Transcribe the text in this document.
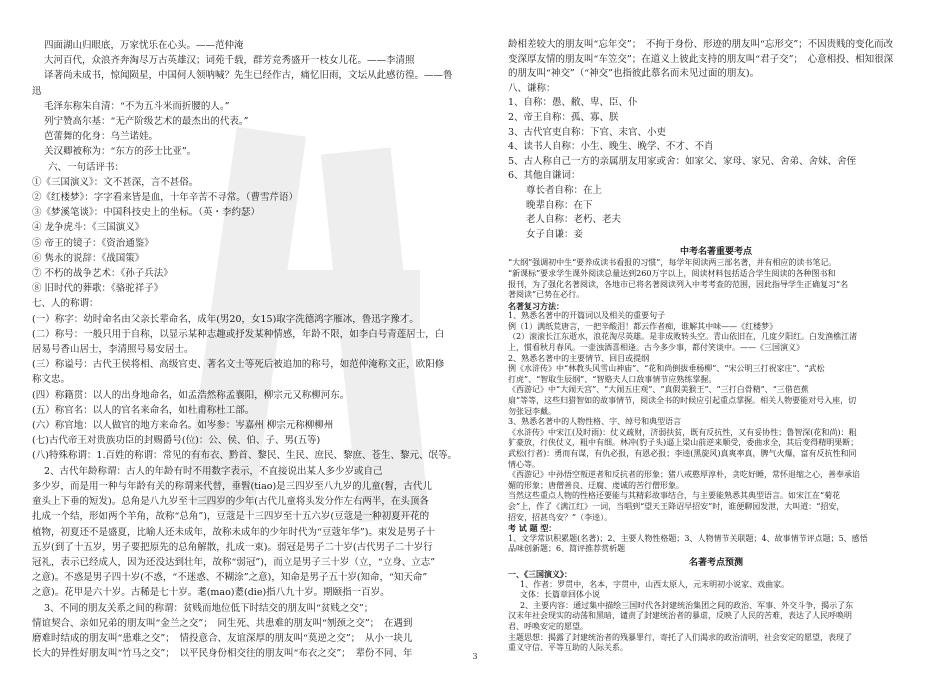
四面湖山归眼底，万家忧乐在心头。——范仲淹
大河百代，众浪齐奔淘尽万古英雄汉；词苑千载，群芳竞秀盛开一枝女儿花。——李清照
译著尚未成书，惊闻陨星，中国何人领呐喊？先生已经作古，痛忆旧雨，文坛从此感彷徨。——鲁
迅
毛泽东称朱自清：“不为五斗米而折腰的人。”
列宁赞高尔基：“无产阶级艺术的最杰出的代表。”
芭蕾舞的化身：乌兰诺娃。
关汉卿被称为：“东方的莎士比亚”。
六、一句话评书：
①《三国演义》：文不甚深，言不甚俗。
②《红楼梦》：字字看来皆是血，十年辛苦不寻常。（曹雪芹语）
③《梦溪笔谈》：中国科技史上的坐标。（英・李约瑟）
④ 龙争虎斗：《三国演义》
⑤ 帝王的镜子：《资治通鉴》
⑥ 隽永的说辞：《战国策》
⑦ 不朽的战争艺术：《孙子兵法》
⑧ 旧时代的葬歌：《骆驼祥子》
七、人的称谓：
(一）称字：幼时命名由父亲长辈命名，成年(男20，女15)取字洗德鸿字雁冰，鲁迅字豫才。
(二）称号：一般只用于自称，以显示某种志趣或抒发某种情感，年龄不限，如李白号青莲居士，白
居易号香山居士，李清照号易安居士。
(三）称谥号：古代王侯将相、高级官吏、著名文士等死后被追加的称号，如范仲淹称文正，欧阳修
称文忠。
(四）称籍贯：以人的出身地命名，如孟浩然称孟襄阳，柳宗元又称柳河东。
(五）称官名：以人的官名来命名，如杜甫称杜工部。
(六）称官地：以人做官的地方来命名。如岑参：岑嘉州 柳宗元称柳柳州
(七)古代帝王对贵族功臣的封赐爵号(位)：公、侯、伯、子、男(五等)
(八)特殊称谓：1.百姓的称谓：常见的有布衣、黔首、黎民、生民、庶民、黎庶、苍生、黎元、氓等。
2、古代年龄称谓：古人的年龄有时不用数字表示，不直接说出某人多少岁或自己
多少岁，而是用一种与年龄有关的称谓来代替，垂髫(tiao)是三四岁至八九岁的儿童(髫，古代儿
童头上下垂的短发)。总角是八九岁至十三四岁的少年(古代儿童将头发分作左右两半，在头顶各
扎成一个结，形如两个羊角，故称“总角”)，豆蔻是十三四岁至十五六岁(豆蔻是一种初夏开花的
植物，初夏还不是盛夏，比喻人还未成年，故称未成年的少年时代为“豆蔻年华”)。束发是男子十
五岁(到了十五岁，男子要把原先的总角解散，扎成一束)。弱冠是男子二十岁(古代男子二十岁行
冠礼，表示已经成人，因为还没达到壮年，故称“弱冠”)，而立是男子三十岁（立，“立身、立志”
之意)。不惑是男子四十岁(不惑，“不迷惑、不糊涂”之意)，知命是男子五十岁(知命，“知天命”
之意)。花甲是六十岁。古稀是七十岁。耄(mao)耋(die)指八九十岁。期颐指一百岁。
3、不同的朋友关系之间的称谓：贫贱而地位低下时结交的朋友叫“贫贱之交”；
情谊契合、亲如兄弟的朋友叫“金兰之交”；　同生死、共患难的朋友叫“刎颈之交”；　在遇到
磨难时结成的朋友叫“患难之交”；　情投意合、友谊深厚的朋友叫“莫逆之交”；　从小一块儿
长大的异性好朋友叫“竹马之交”；　以平民身份相交往的朋友叫“布衣之交”；　辈份不同、年
龄相差较大的朋友叫“忘年交”；　不拘于身份、形迹的朋友叫“忘形交”；不因贵贱的变化而改
变深厚友情的朋友叫“车笠交”；在道义上彼此支持的朋友叫“君子交”；　心意相投、相知很深
的朋友叫“神交”（“神交”也指彼此慕名而未见过面的朋友)。
八、谦称：
1、自称：愚、敝、卑、臣、仆
2、帝王自称：孤、寡、朕
3、古代官吏自称：下官、末官、小吏
4、读书人自称：小生、晚生、晚学、不才、不肖
5、古人称自己一方的亲属朋友用家或舍：如家父、家母、家兄、舍弟、舍妹、舍侄
6、其他自谦词：
尊长者自称：在上
晚辈自称：在下
老人自称：老朽、老夫
女子自谦：妾
中考名著重要考点
“大纲”强调初中生“要养成读书看报的习惯”，每学年阅读两三部名著，并有相应的读书笔记。
“新课标”要求学生课外阅读总量达到260万字以上，阅读材料包括适合学生阅读的各种图书和
报刊，为了强化名著阅读，各地市已将名著阅读列入中考考查的范围，因此指导学生正确复习“名
著阅读”已势在必行。
名著复习方法：
1、熟悉名著中的开篇词以及相关的重要句子
例（1）满纸荒唐言，一把辛酸泪！都云作者痴，谁解其中味——《红楼梦》
（2）滚滚长江东逝水，浪花淘尽英雄。是非成败转头空。青山依旧在，几度夕阳红。白发渔樵江渚
上，惯看秋月春风。一壶浊酒喜相逢。古今多少事，都付笑谈中。——《三国演义》
2、熟悉名著中的主要情节、回目或提纲
例《水浒传》中“林教头风雪山神庙”、“花和尚倒拔垂杨柳”、“宋公明三打祝家庄”、“武松
打虎”、“智取生辰纲”、“智赂夫人口敌事情节应熟练掌握。
《西游记》中“大闹天宫”、“大闹五庄观”、“真假美猴王”、“三打白骨精”、“三借芭蕉
扇”等等，这些归猎智如的故事情节，阅读全书的时候应引起重点掌握。相关人物要能对号入座，切
勿张冠李戴。
3、熟悉名著中的人物性格、字、绰号和典型语言
《水浒传》中宋江(及时雨)：仗义疏财，济弱扶贫，既有反抗性，又有妥协性；鲁智深(花和尚)：粗
犷豪放，行侠仗义，粗中有细。林冲(豹子头)逼上梁山前逆来顺受，委曲求全，其后变得精明果断；
武松(行者)：勇而有谋，有仇必报，有恩必报；李逵(黑旋风)真爽率真，脾气火爆，富有反抗性和同
情心等。
《西游记》中孙悟空叛逆者和反抗者的形象；猪八戒憨厚淳朴，贪吃好睡，常怀退缩之心，善奉承谄
媚的形象；唐僧善良、迂腐、虔诚的苦行僧形象。
当然这些重点人物的性格还要能与其精彩故事结合，与主要能熟悉其典型语言。如宋江在“菊花
会”上，作了《满江红》一词，当唱到“望天王降诏早招安”时，谁便聊园发泄，大叫道：“招安，
招安，招甚鸟安？”（李逵）。
考 试 题 型：
1、文学常识积累题(名著)；2、主要人物性格题；3、人物情节关联题；4、故事情节评点题；5、感悟
品味创新题；6、简评推荐赏析题
名著考点预测
一、《三国演义》：
1、作者：罗贯中，名本，字贯中，山西太原人，元末明初小说家、戏曲家。
文体：长篇章回体小说
2、主要内容：通过集中描绘三国时代各封建统治集团之间的政治、军事、外交斗争，揭示了东
汉末年社会现实的动荡和黑暗，谴责了封建统治者的暴虐，反映了人民的苦难，表达了人民呼唤明
君、呼唤安定的愿望。
主题思想：揭露了封建统治者的残暴罪行，寄托了人们渴求的政治清明，社会安定的愿望，表现了
重义守信、平等互助的人际关系。
3
